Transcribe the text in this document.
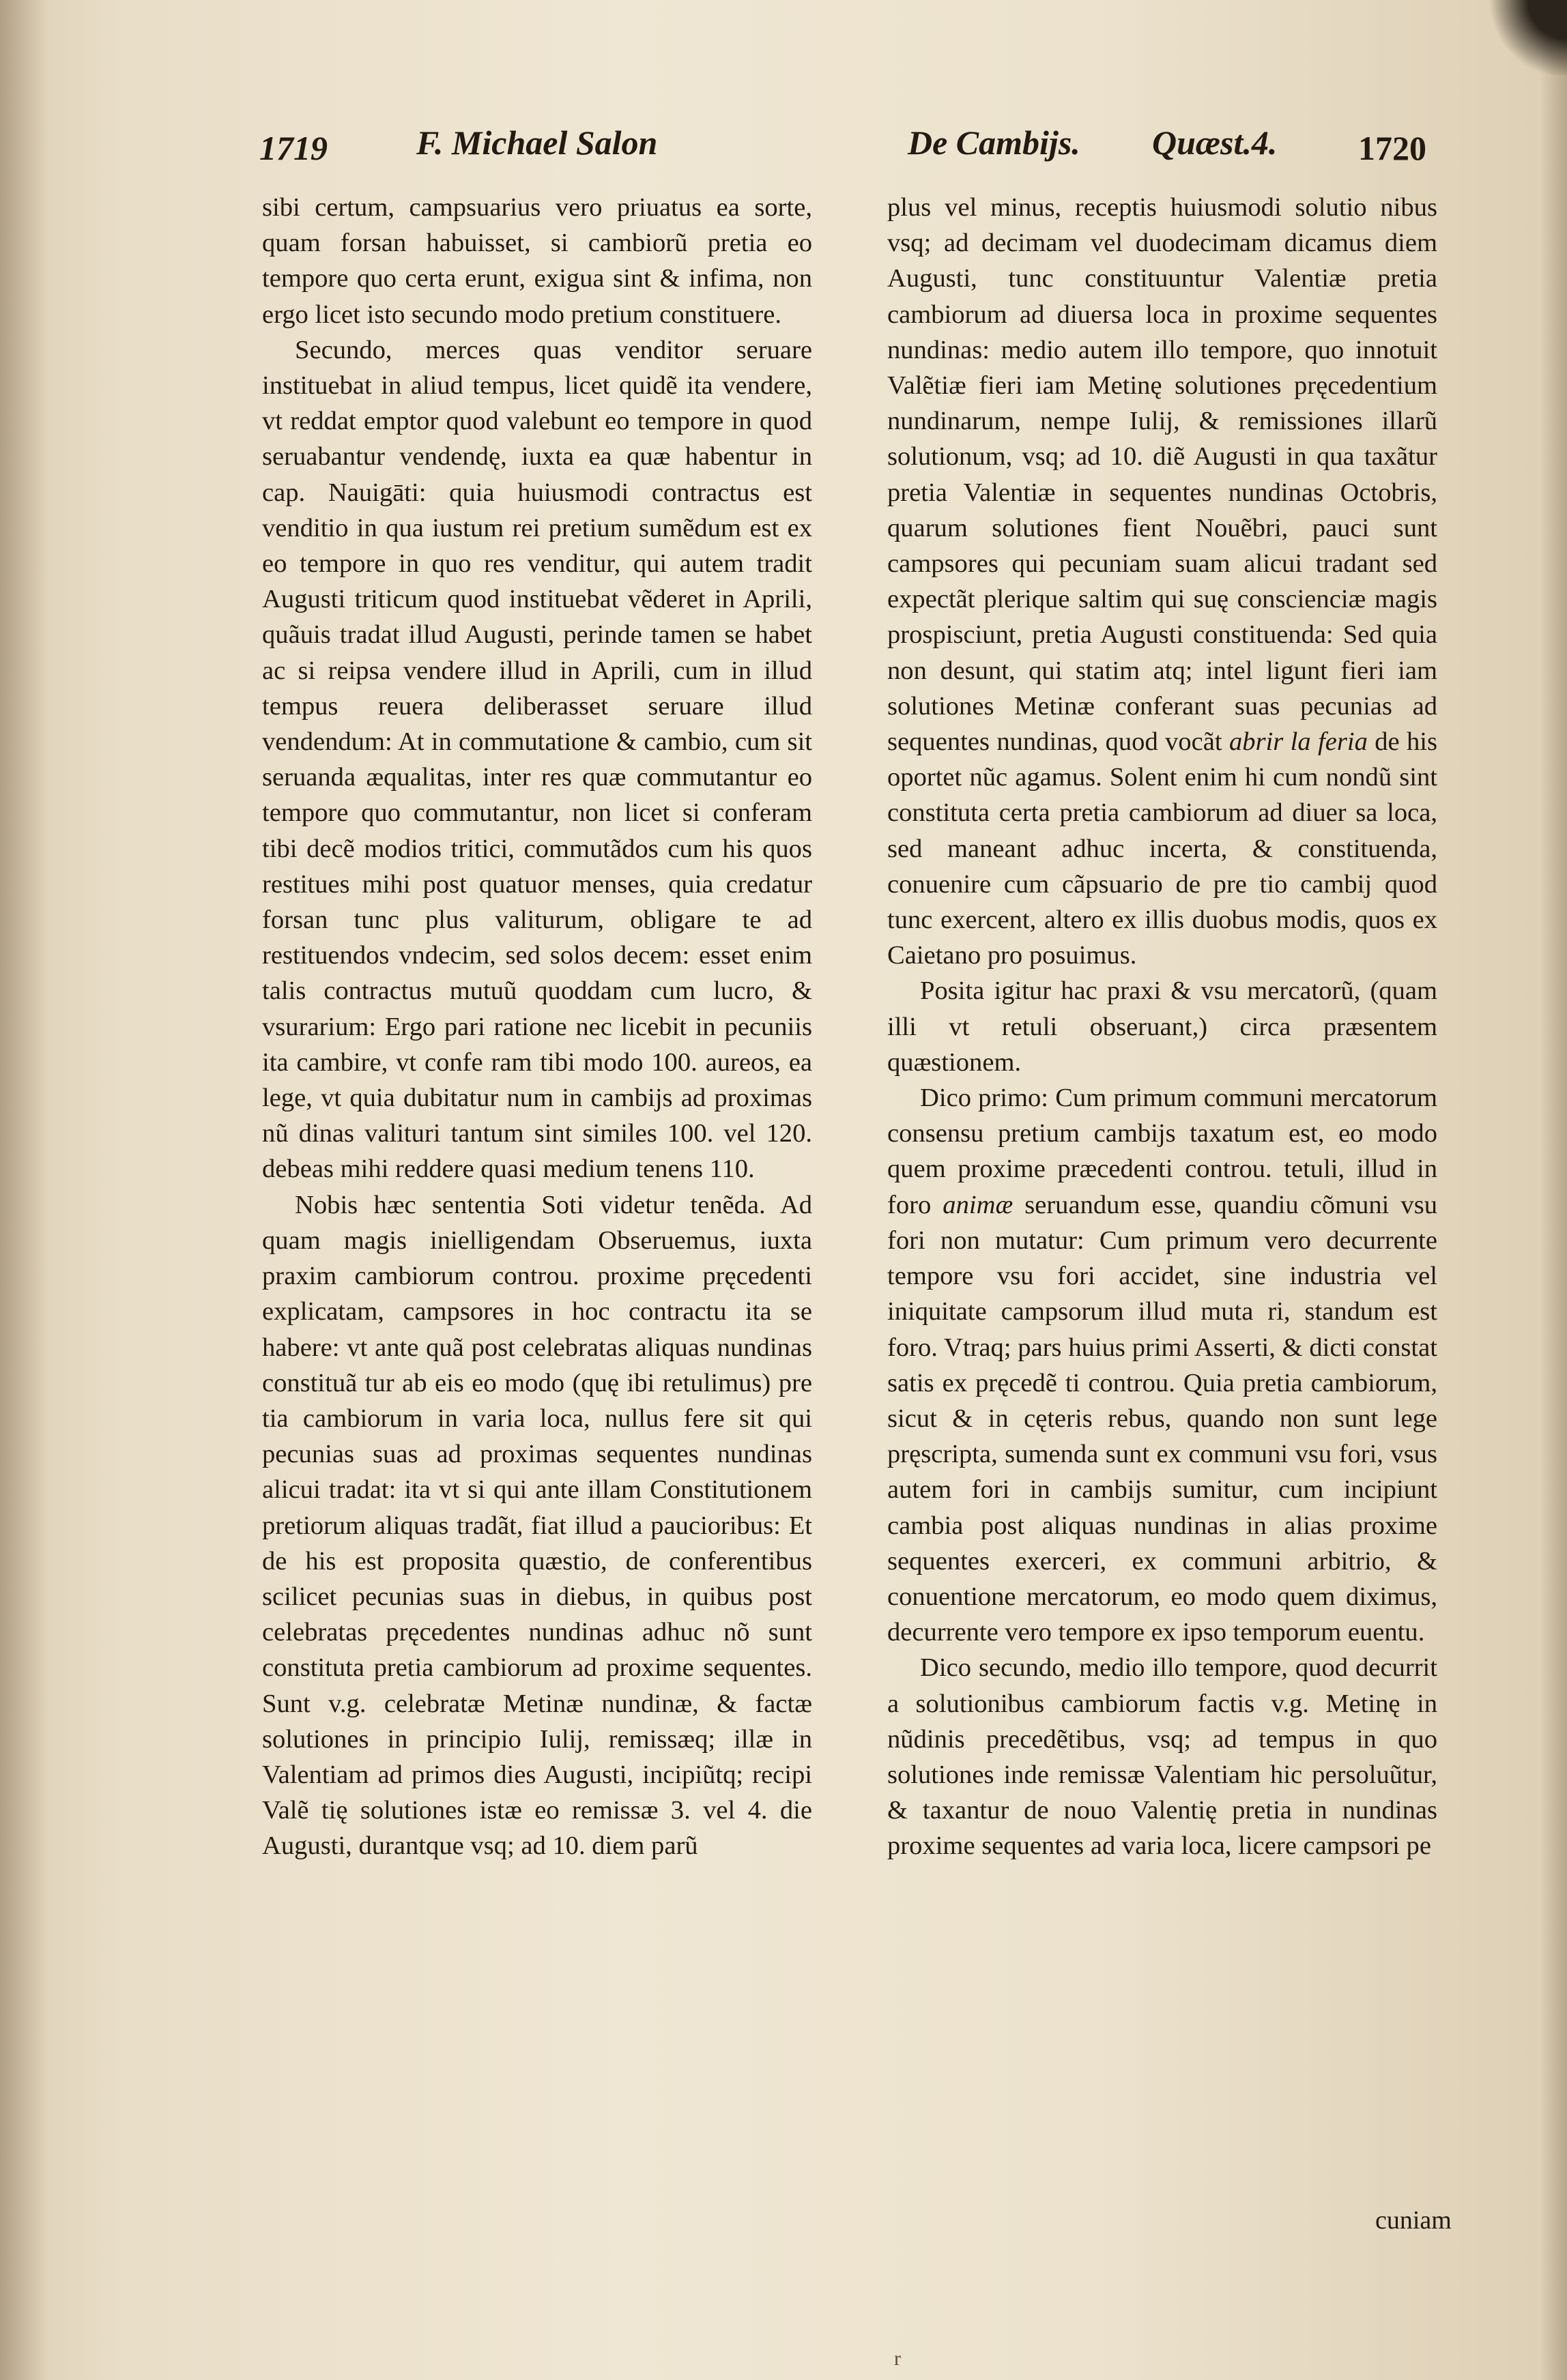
1719	F. Michael Salon	De Cambijs. Quæst.4. 1720

sibi certum, campsuarius vero priuatus ea sorte, quam forsan habuisset, si cambiorũ pretia eo tempore quo certa erunt, exigua sint & infima, non ergo licet isto secundo modo pretium constituere.

Secundo, merces quas venditor seruare instituebat in aliud tempus, licet quidẽ ita vendere, vt reddat emptor quod valebunt eo tempore in quod seruabantur vendendę, iuxta ea quæ habentur in cap. Nauigāti: quia huiusmodi contractus est venditio in qua iustum rei pretium sumẽdum est ex eo tempore in quo res venditur, qui autem tradit Augusti triticum quod instituebat vẽderet in Aprili, quãuis tradat illud Augusti, perinde tamen se habet ac si reipsa vendere illud in Aprili, cum in illud tempus reuera deliberasset seruare illud vendendum: At in commutatione & cambio, cum sit seruanda æqualitas, inter res quæ commutantur eo tempore quo commutantur, non licet si conferam tibi decẽ modios tritici, commutãdos cum his quos restitues mihi post quatuor menses, quia credatur forsan tunc plus valiturum, obligare te ad restituendos vndecim, sed solos decem: esset enim talis contractus mutuũ quoddam cum lucro, & vsurarium: Ergo pari ratione nec licebit in pecuniis ita cambire, vt confe ram tibi modo 100. aureos, ea lege, vt quia dubitatur num in cambijs ad proximas nũ dinas valituri tantum sint similes 100. vel 120. debeas mihi reddere quasi medium tenens 110.

Nobis hæc sententia Soti videtur tenẽda. Ad quam magis inielligendam Obseruemus, iuxta praxim cambiorum controu. proxime pręcedenti explicatam, campsores in hoc contractu ita se habere: vt ante quã post celebratas aliquas nundinas constituã tur ab eis eo modo (quę ibi retulimus) pre tia cambiorum in varia loca, nullus fere sit qui pecunias suas ad proximas sequentes nundinas alicui tradat: ita vt si qui ante illam Constitutionem pretiorum aliquas tradãt, fiat illud a paucioribus: Et de his est proposita quæstio, de conferentibus scilicet pecunias suas in diebus, in quibus post celebratas pręcedentes nundinas adhuc nõ sunt constituta pretia cambiorum ad proxime sequentes. Sunt v.g. celebratæ Metinæ nundinæ, & factæ solutiones in principio Iulij, remissæq; illæ in Valentiam ad primos dies Augusti, incipiũtq; recipi Valẽ tię solutiones istæ eo remissæ 3. vel 4. die Augusti, durantque vsq; ad 10. diem parũ

plus vel minus, receptis huiusmodi solutio nibus vsq; ad decimam vel duodecimam dicamus diem Augusti, tunc constituuntur Valentiæ pretia cambiorum ad diuersa loca in proxime sequentes nundinas: medio autem illo tempore, quo innotuit Valẽtiæ fieri iam Metinę solutiones pręcedentium nundinarum, nempe Iulij, & remissiones illarũ solutionum, vsq; ad 10. diẽ Augusti in qua taxãtur pretia Valentiæ in sequentes nundinas Octobris, quarum solutiones fient Nouẽbri, pauci sunt campsores qui pecuniam suam alicui tradant sed expectãt plerique saltim qui suę conscienciæ magis prospisciunt, pretia Augusti constituenda: Sed quia non desunt, qui statim atq; intel ligunt fieri iam solutiones Metinæ conferant suas pecunias ad sequentes nundinas, quod vocãt abrir la feria de his oportet nũc agamus. Solent enim hi cum nondũ sint constituta certa pretia cambiorum ad diuer sa loca, sed maneant adhuc incerta, & constituenda, conuenire cum cãpsuario de pre tio cambij quod tunc exercent, altero ex illis duobus modis, quos ex Caietano pro posuimus.

Posita igitur hac praxi & vsu mercatorũ, (quam illi vt retuli obseruant,) circa præsentem quæstionem.

Dico primo: Cum primum communi mercatorum consensu pretium cambijs taxatum est, eo modo quem proxime præcedenti controu. tetuli, illud in foro animæ seruandum esse, quandiu cõmuni vsu fori non mutatur: Cum primum vero decurrente tempore vsu fori accidet, sine industria vel iniquitate campsorum illud muta ri, standum est foro. Vtraq; pars huius primi Asserti, & dicti constat satis ex pręcedẽ ti controu. Quia pretia cambiorum, sicut & in cęteris rebus, quando non sunt lege pręscripta, sumenda sunt ex communi vsu fori, vsus autem fori in cambijs sumitur, cum incipiunt cambia post aliquas nundinas in alias proxime sequentes exerceri, ex communi arbitrio, & conuentione mercatorum, eo modo quem diximus, decurrente vero tempore ex ipso temporum euentu.

Dico secundo, medio illo tempore, quod decurrit a solutionibus cambiorum factis v.g. Metinę in nũdinis precedẽtibus, vsq; ad tempus in quo solutiones inde remissæ Valentiam hic persoluũtur, & taxantur de nouo Valentię pretia in nundinas proxime sequentes ad varia loca, licere campsori pe

cuniam
r
